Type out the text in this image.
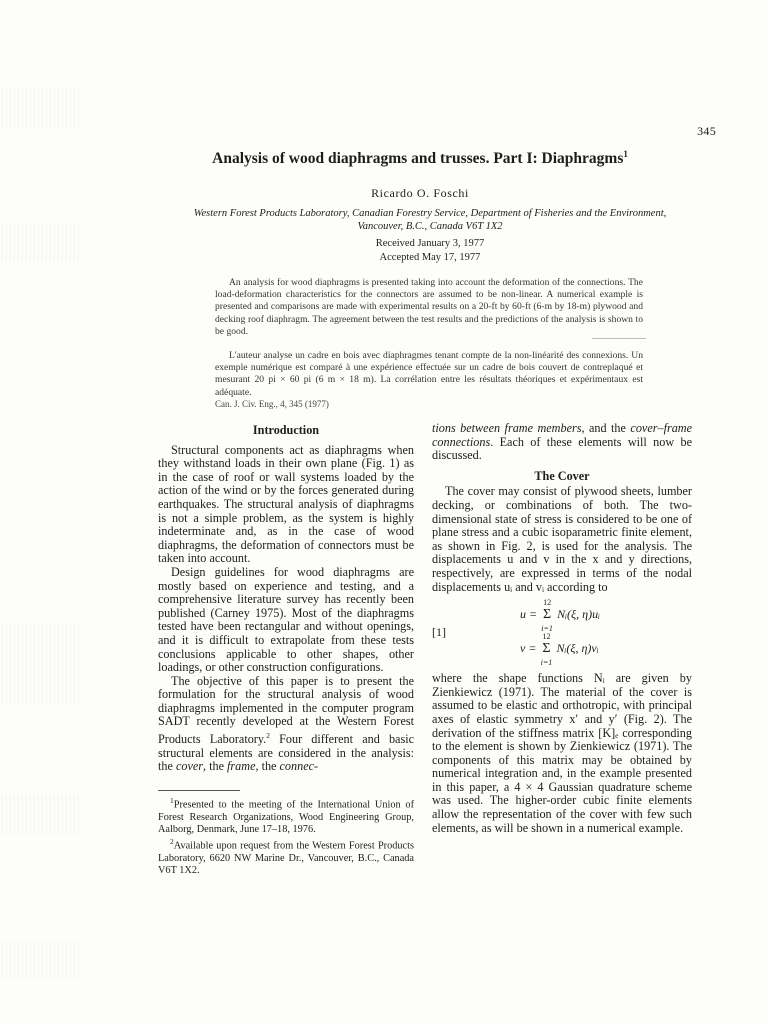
345
Analysis of wood diaphragms and trusses. Part I: Diaphragms$^1$
Ricardo O. Foschi
Western Forest Products Laboratory, Canadian Forestry Service, Department of Fisheries and the Environment,
Vancouver, B.C., Canada V6T 1X2
Received January 3, 1977
Accepted May 17, 1977

An analysis for wood diaphragms is presented taking into account the deformation of the connections. The load-deformation characteristics for the connectors are assumed to be non-linear. A numerical example is presented and comparisons are made with experimental results on a 20-ft by 60-ft (6-m by 18-m) plywood and decking roof diaphragm. The agreement between the test results and the predictions of the analysis is shown to be good.

L'auteur analyse un cadre en bois avec diaphragmes tenant compte de la non-linéarité des connexions. Un exemple numérique est comparé à une expérience effectuée sur un cadre de bois couvert de contreplaqué et mesurant 20 pi × 60 pi (6 m × 18 m). La corrélation entre les résultats théoriques et expérimentaux est adéquate.

Can. J. Civ. Eng., 4, 345 (1977)
Introduction

Structural components act as diaphragms when they withstand loads in their own plane (Fig. 1) as in the case of roof or wall systems loaded by the action of the wind or by the forces generated during earthquakes. The structural analysis of diaphragms is not a simple problem, as the system is highly indeterminate and, as in the case of wood diaphragms, the deformation of connectors must be taken into account.

Design guidelines for wood diaphragms are mostly based on experience and testing, and a comprehensive literature survey has recently been published (Carney 1975). Most of the diaphragms tested have been rectangular and without openings, and it is difficult to extrapolate from these tests conclusions applicable to other shapes, other loadings, or other construction configurations.

The objective of this paper is to present the formulation for the structural analysis of wood diaphragms implemented in the computer program SADT recently developed at the Western Forest Products Laboratory.$^2$ Four different and basic structural elements are considered in the analysis: the cover, the frame, the connec-

$^1$Presented to the meeting of the International Union of Forest Research Organizations, Wood Engineering Group, Aalborg, Denmark, June 17–18, 1976.

$^2$Available upon request from the Western Forest Products Laboratory, 6620 NW Marine Dr., Vancouver, B.C., Canada V6T 1X2.

tions between frame members, and the cover–frame connections. Each of these elements will now be discussed.

The Cover

The cover may consist of plywood sheets, lumber decking, or combinations of both. The two-dimensional state of stress is considered to be one of plane stress and a cubic isoparametric finite element, as shown in Fig. 2, is used for the analysis. The displacements u and v in the x and y directions, respectively, are expressed in terms of the nodal displacements uᵢ and vᵢ according to

[1]
u =
12
Σ
i=1
Nᵢ(ξ, η)uᵢ
v =
12
Σ
i=1
Nᵢ(ξ, η)vᵢ

where the shape functions Nᵢ are given by Zienkiewicz (1971). The material of the cover is assumed to be elastic and orthotropic, with principal axes of elastic symmetry x′ and y′ (Fig. 2). The derivation of the stiffness matrix [K]ₑ corresponding to the element is shown by Zienkiewicz (1971). The components of this matrix may be obtained by numerical integration and, in the example presented in this paper, a 4 × 4 Gaussian quadrature scheme was used. The higher-order cubic finite elements allow the representation of the cover with few such elements, as will be shown in a numerical example.
